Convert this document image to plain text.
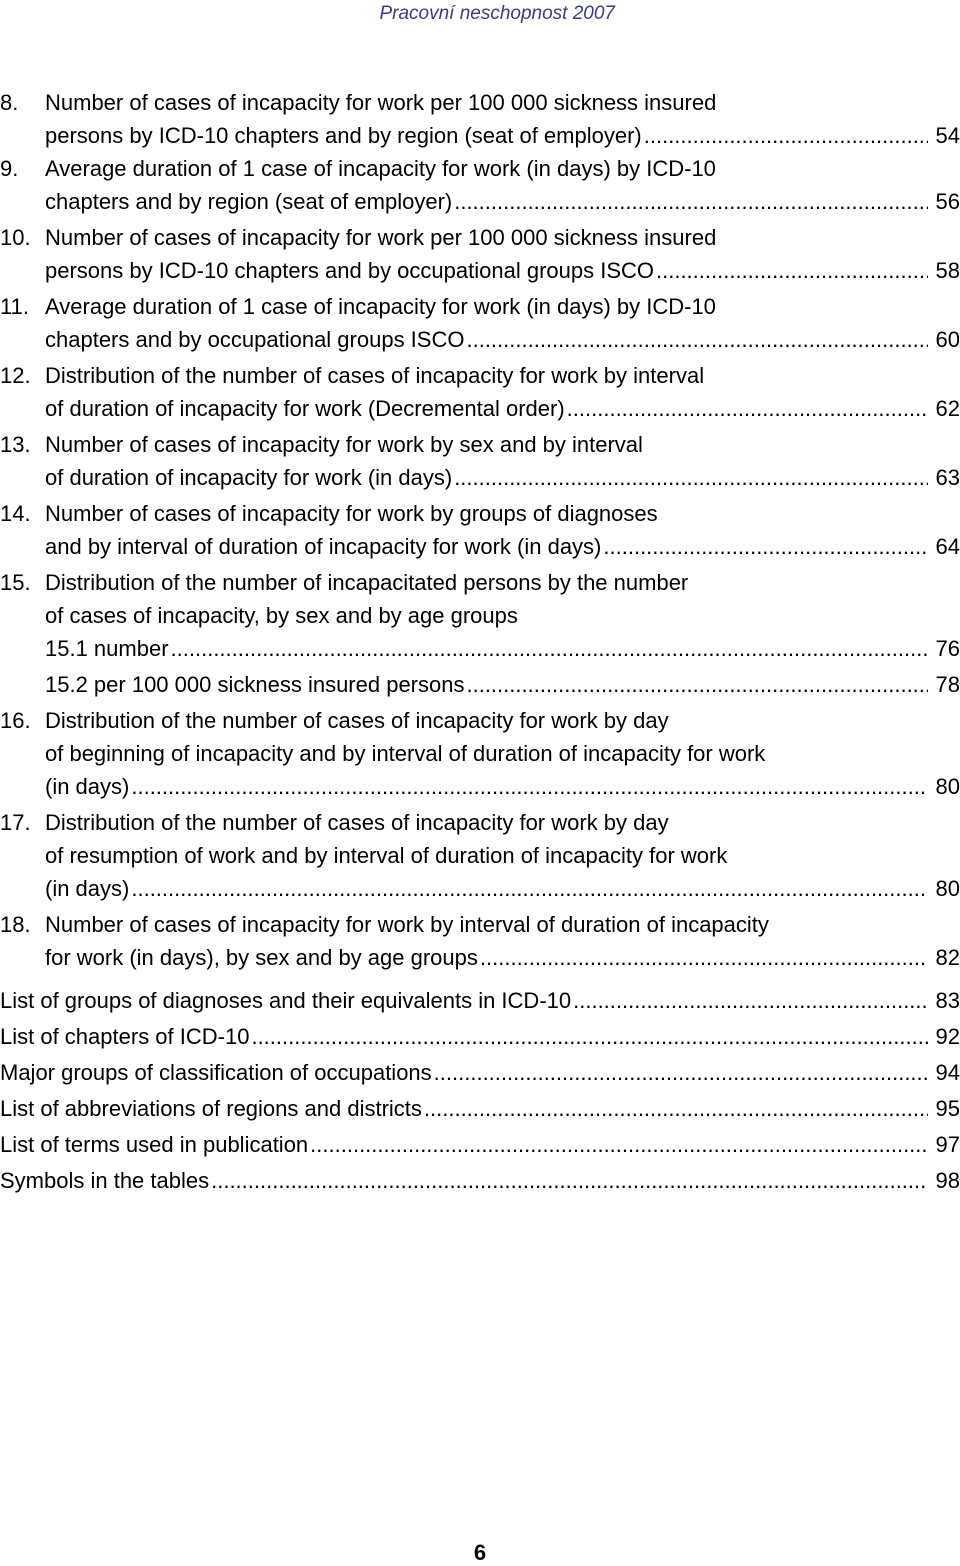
Pracovní neschopnost 2007
8. Number of cases of incapacity for work per 100 000 sickness insured
persons by ICD-10 chapters and by region (seat of employer) .....	54
9. Average duration of 1 case of incapacity for work (in days) by ICD-10
chapters and by region (seat of employer) .....	56
10. Number of cases of incapacity for work per 100 000 sickness insured
persons by ICD-10 chapters and by occupational groups ISCO .....	58
11. Average duration of 1 case of incapacity for work (in days) by ICD-10
chapters and by occupational groups ISCO .....	60
12. Distribution of the number of cases of incapacity for work by interval
of duration of incapacity for work (Decremental order) .....	62
13. Number of cases of incapacity for work by sex and by interval
of duration of incapacity for work (in days) .....	63
14. Number of cases of incapacity for work by groups of diagnoses
and by interval of duration of incapacity for work (in days) .....	64
15. Distribution of the number of incapacitated persons by the number
of cases of incapacity, by sex and by age groups
15.1 number .....	76
15.2 per 100 000 sickness insured persons .....	78
16. Distribution of the number of cases of incapacity for work by day
of beginning of incapacity and by interval of duration of incapacity for work
(in days) .....	80
17. Distribution of the number of cases of incapacity for work by day
of resumption of work and by interval of duration of incapacity for work
(in days) .....	80
18. Number of cases of incapacity for work by interval of duration of incapacity
for work (in days), by sex and by age groups .....	82
List of groups of diagnoses and their equivalents in ICD-10 .....	83
List of chapters of ICD-10 .....	92
Major groups of classification of occupations .....	94
List of abbreviations of regions and districts .....	95
List of terms used in publication .....	97
Symbols in the tables .....	98
6
